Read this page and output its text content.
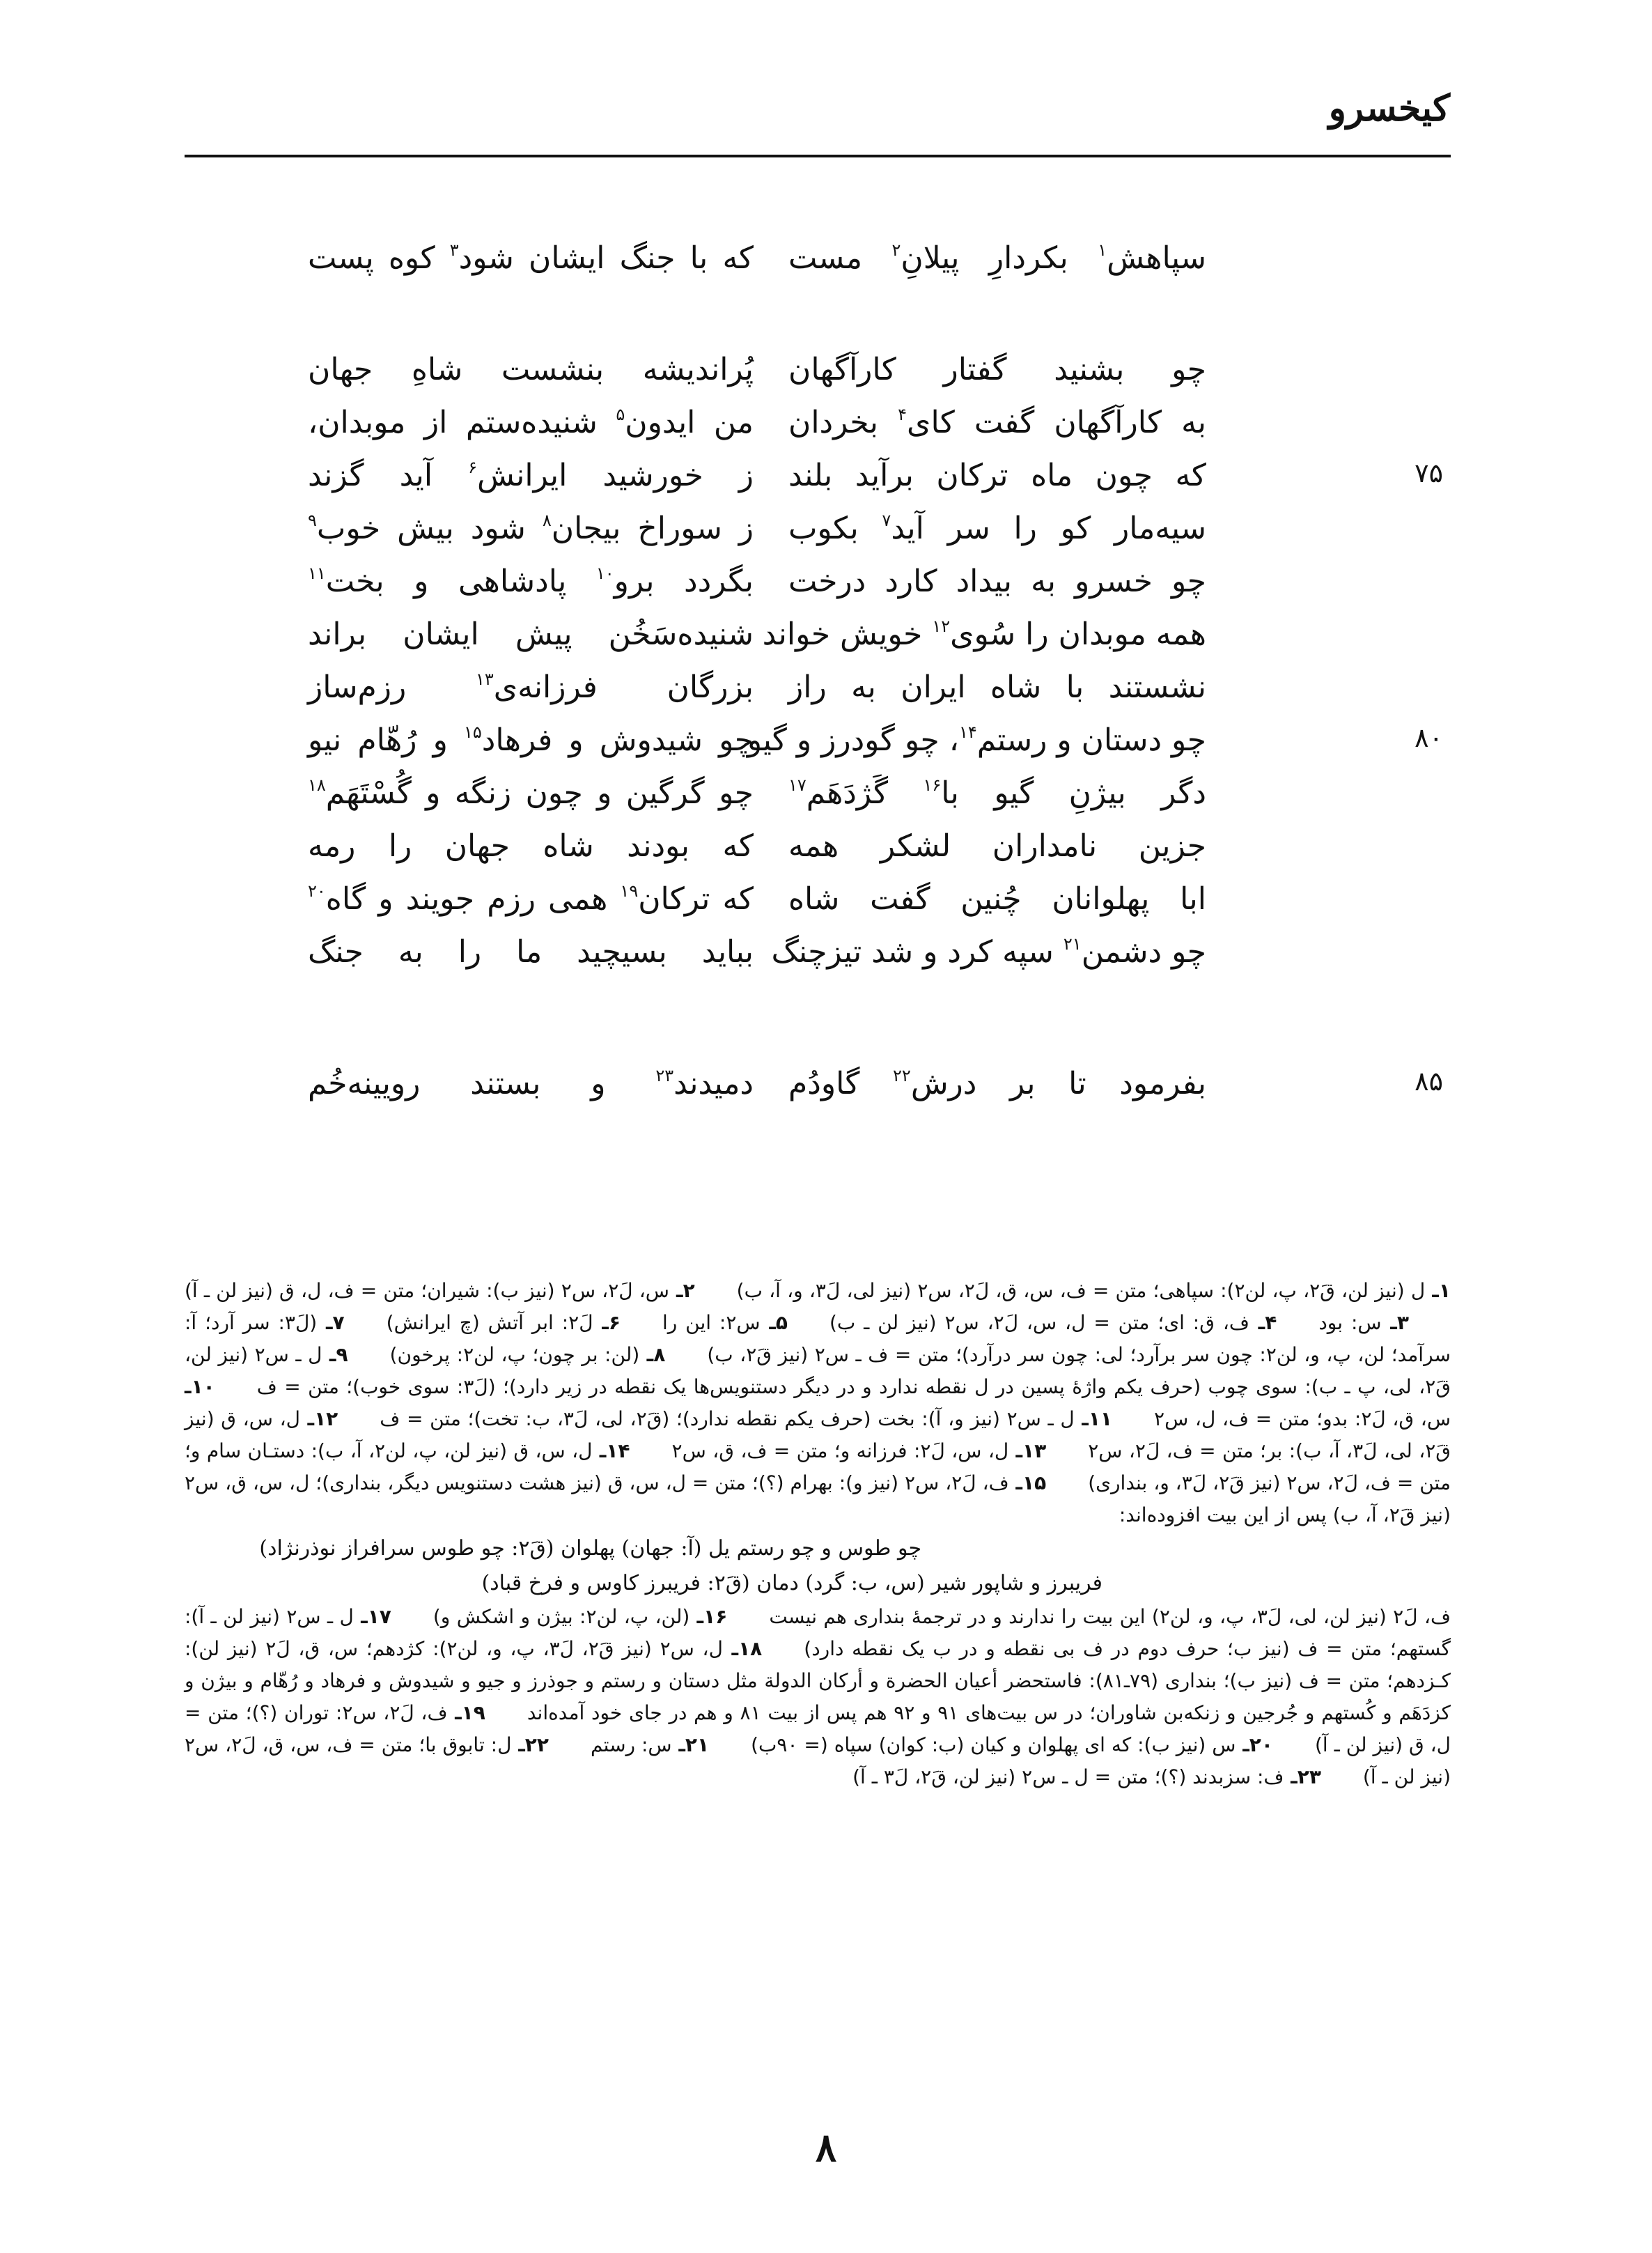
کیخسرو
سپاهش$^۱$ بکردارِ پیلانِ$^۲$ مست
که با جنگ ایشان شود$^۳$ کوه پست
چو بشنید گفتار کارآگهان
پُراندیشه بنشست شاهِ جهان
به کارآگهان گفت کای$^۴$ بخردان
من ایدون$^۵$ شنیده‌ستم از موبدان،
که چون ماه ترکان برآید بلند
ز خورشید ایرانش$^۶$ آید گزند	۷۵
سیه‌مار کو را سر آید$^۷$ بکوب
ز سوراخ بیجان$^۸$ شود بیش خوب$^۹$
چو خسرو به بیداد کارد درخت
بگردد برو$^{۱۰}$ پادشاهی و بخت$^{۱۱}$
همه موبدان را سُوی$^{۱۲}$ خویش خواند
شنیده‌سَخُن پیش ایشان براند
نشستند با شاه ایران به راز
بزرگان فرزانه‌ی$^{۱۳}$ رزم‌ساز
چو دستان و رستم$^{۱۴}$، چو گودرز و گیو
چو شیدوش و فرهاد$^{۱۵}$ و رُهّام نیو	۸۰
دگر بیژنِ گیو با$^{۱۶}$ گَژدَهَم$^{۱۷}$
چو گرگین و چون زنگه و گُسْتَهَم$^{۱۸}$
جزین نامداران لشکر همه
که بودند شاه جهان را رمه
ابا پهلوانان چُنین گفت شاه
که ترکان$^{۱۹}$ همی رزم جویند و گاه$^{۲۰}$
چو دشمن$^{۲۱}$ سپه کرد و شد تیزچنگ
بباید بسیچید ما را به جنگ
بفرمود تا بر درش$^{۲۲}$ گاودُم
دمیدند$^{۲۳}$ و بستند رویینه‌خُم	۸۵
۱ـ ل (نیز لن، قَ۲، پ، لن۲): سپاهی؛ متن = ف، س، ق، لَ۲، س۲ (نیز لی، لَ۳، و، آ، ب)۲ـ س، لَ۲، س۲ (نیز ب): شیران؛ متن = ف، ل، ق (نیز لن ـ آ)۳ـ س: بود۴ـ ف، ق: ای؛ متن = ل، س، لَ۲، س۲ (نیز لن ـ ب)۵ـ س۲: این را۶ـ لَ۲: ابر آتش (ﭺ ایرانش)۷ـ (لَ۳: سر آرد؛ آ: سرآمد؛ لن، پ، و، لن۲: چون سر برآرد؛ لی: چون سر درآرد)؛ متن = ف ـ س۲ (نیز قَ۲، ب)۸ـ (لن: بر چون؛ پ، لن۲: پرخون)۹ـ ل ـ س۲ (نیز لن، قَ۲، لی، پ ـ ب): سوی چوب (حرف یکم واژهٔ پسین در ل نقطه ندارد و در دیگر دستنویس‌ها یک نقطه در زیر دارد)؛ (لَ۳: سوی خوب)؛ متن = ف۱۰ـ س، ق، لَ۲: بدو؛ متن = ف، ل، س۲۱۱ـ ل ـ س۲ (نیز و، آ): بخت (حرف یکم نقطه ندارد)؛ (قَ۲، لی، لَ۳، ب: تخت)؛ متن = ف۱۲ـ ل، س، ق (نیز قَ۲، لی، لَ۳، آ، ب): بر؛ متن = ف، لَ۲، س۲۱۳ـ ل، س، لَ۲: فرزانه و؛ متن = ف، ق، س۲۱۴ـ ل، س، ق (نیز لن، پ، لن۲، آ، ب): دستـان سام و؛ متن = ف، لَ۲، س۲ (نیز قَ۲، لَ۳، و، بنداری)۱۵ـ ف، لَ۲، س۲ (نیز و): بهرام (؟)؛ متن = ل، س، ق (نیز هشت دستنویس دیگر، بنداری)؛ ل، س، ق، س۲ (نیز قَ۲، آ، ب) پس از این بیت افزوده‌اند:
چو طوس و چو رستم یل (آ: جهان) پهلوان (قَ۲: چو طوس سرافراز نوذرنژاد)
فریبرز و شاپور شیر (س، ب: گرد) دمان (قَ۲: فریبرز کاوس و فرخ قباد)
ف، لَ۲ (نیز لن، لی، لَ۳، پ، و، لن۲) این بیت را ندارند و در ترجمهٔ بنداری هم نیست۱۶ـ (لن، پ، لن۲: بیژن و اشکش و)۱۷ـ ل ـ س۲ (نیز لن ـ آ): گستهم؛ متن = ف (نیز ب؛ حرف دوم در ف بی نقطه و در ب یک نقطه دارد)۱۸ـ ل، س۲ (نیز قَ۲، لَ۳، پ، و، لن۲): کژدهم؛ س، ق، لَ۲ (نیز لن): کـزدهم؛ متن = ف (نیز ب)؛ بنداری (۷۹ـ۸۱): فاستحضر أعیان الحضرة و أرکان الدولة مثل دستان و رستم و جوذرز و جیو و شیدوش و فرهاد و رُهّام و بیژن و کزدَهَم و کُستهم و جُرجین و زنکه‌بن شاوران؛ در س بیت‌های ۹۱ و ۹۲ هم پس از بیت ۸۱ و هم در جای خود آمده‌اند۱۹ـ ف، لَ۲، س۲: توران (؟)؛ متن = ل، ق (نیز لن ـ آ)۲۰ـ س (نیز ب): که ای پهلوان و کیان (ب: کوان) سپاه (= ۹۰ب)۲۱ـ س: رستم۲۲ـ ل: تابوق با؛ متن = ف، س، ق، لَ۲، س۲ (نیز لن ـ آ)۲۳ـ ف: سزبدند (؟)؛ متن = ل ـ س۲ (نیز لن، قَ۲، لَ۳ ـ آ)
۸
